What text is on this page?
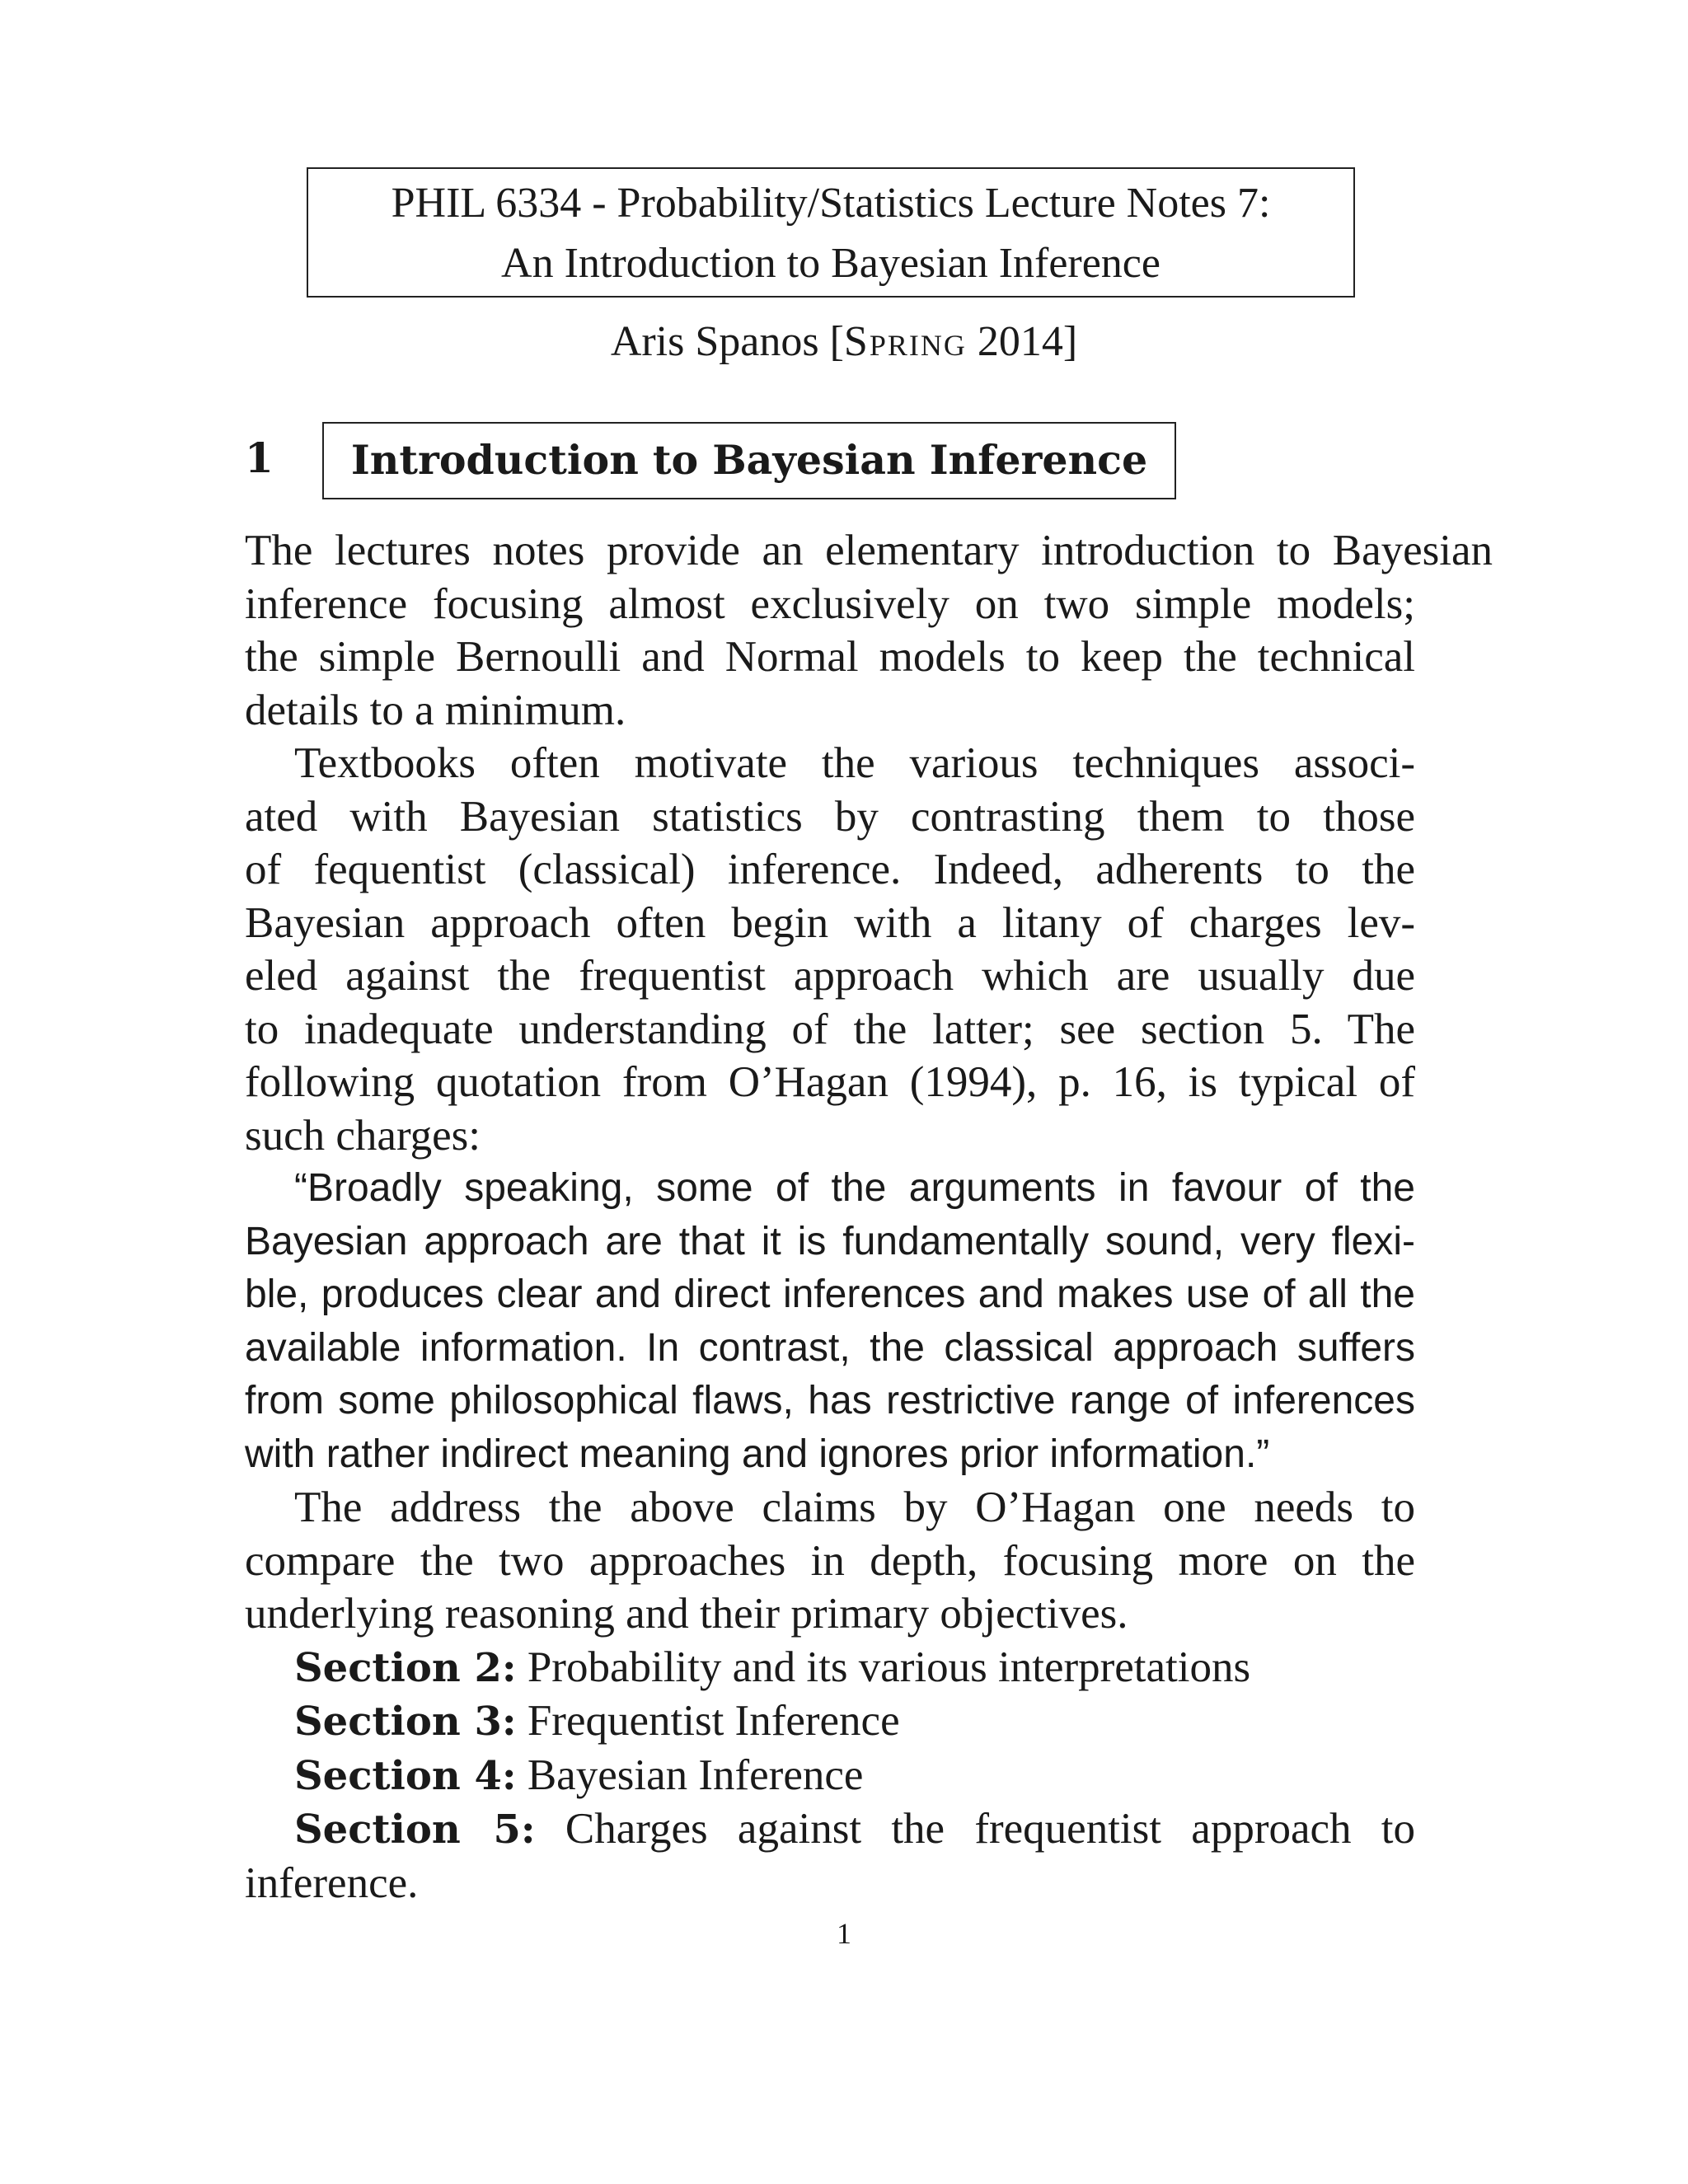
PHIL 6334 - Probability/Statistics Lecture Notes 7:
An Introduction to Bayesian Inference
Aris Spanos [Spring 2014]
1	Introduction to Bayesian Inference

The lectures notes provide an elementary introduction to Bayesian
inference focusing almost exclusively on two simple models;
the simple Bernoulli and Normal models to keep the technical
details to a minimum.

Textbooks often motivate the various techniques associ-
ated with Bayesian statistics by contrasting them to those
of fequentist (classical) inference. Indeed, adherents to the
Bayesian approach often begin with a litany of charges lev-
eled against the frequentist approach which are usually due
to inadequate understanding of the latter; see section 5. The
following quotation from O’Hagan (1994), p. 16, is typical of
such charges:

“Broadly speaking, some of the arguments in favour of the
Bayesian approach are that it is fundamentally sound, very flexi-
ble, produces clear and direct inferences and makes use of all the
available information. In contrast, the classical approach suffers
from some philosophical flaws, has restrictive range of inferences
with rather indirect meaning and ignores prior information.”

The address the above claims by O’Hagan one needs to
compare the two approaches in depth, focusing more on the
underlying reasoning and their primary objectives.

Section 2: Probability and its various interpretations
Section 3: Frequentist Inference
Section 4: Bayesian Inference
Section 5: Charges against the frequentist approach to
inference.

1
